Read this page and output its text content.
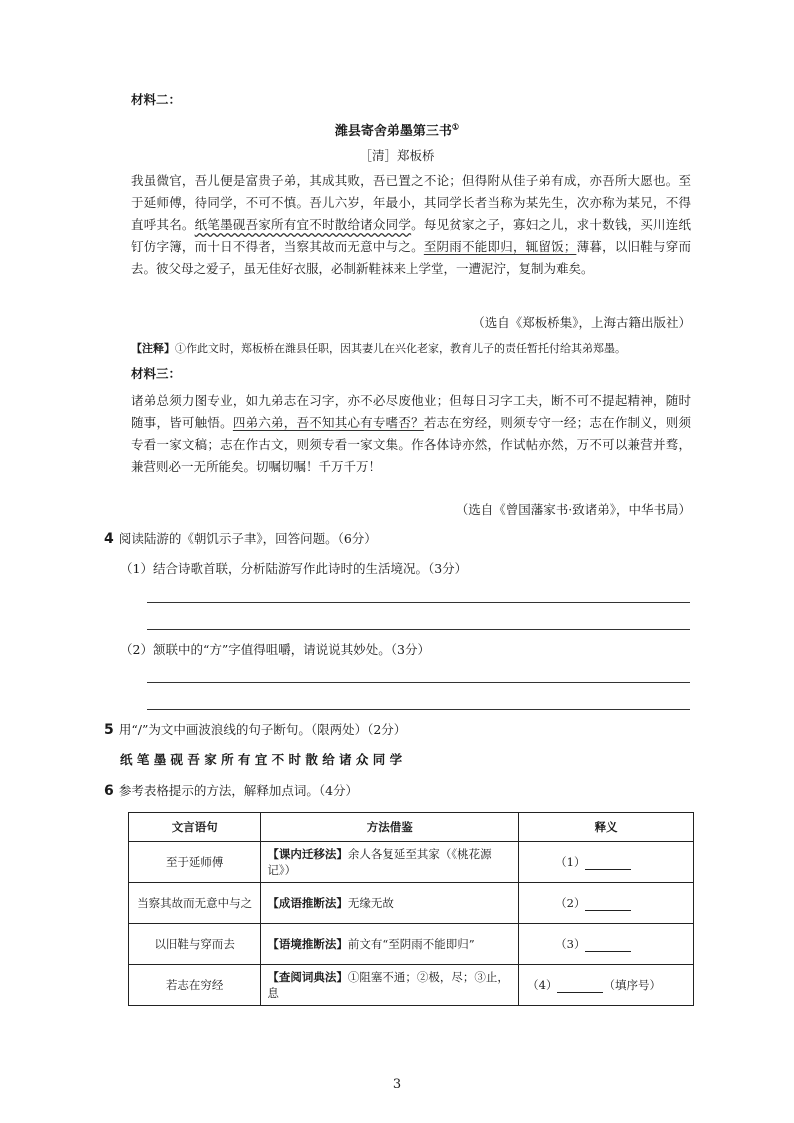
材料二：
潍县寄舍弟墨第三书①
［清］郑板桥

我虽微官，吾儿便是富贵子弟，其成其败，吾已置之不论；但得附从佳子弟有成，亦吾所大愿也。至于延师傅，待同学，不可不慎。吾儿六岁，年最小，其同学长者当称为某先生，次亦称为某兄，不得直呼其名。纸笔墨砚吾家所有宜不时散给诸众同学。每见贫家之子，寡妇之儿，求十数钱，买川连纸钉仿字簿，而十日不得者，当察其故而无意中与之。至阴雨不能即归，辄留饭；薄暮，以旧鞋与穿而去。彼父母之爱子，虽无佳好衣服，必制新鞋袜来上学堂，一遭泥泞，复制为难矣。

（选自《郑板桥集》，上海古籍出版社）
【注释】①作此文时，郑板桥在潍县任职，因其妻儿在兴化老家，教育儿子的责任暂托付给其弟郑墨。
材料三：

诸弟总须力图专业，如九弟志在习字，亦不必尽废他业；但每日习字工夫，断不可不提起精神，随时随事，皆可触悟。四弟六弟，吾不知其心有专嗜否？若志在穷经，则须专守一经；志在作制义，则须专看一家文稿；志在作古文，则须专看一家文集。作各体诗亦然，作试帖亦然，万不可以兼营并骛，兼营则必一无所能矣。切嘱切嘱！千万千万！

（选自《曾国藩家书·致诸弟》，中华书局）
4 阅读陆游的《朝饥示子聿》，回答问题。（6分）
（1）结合诗歌首联，分析陆游写作此诗时的生活境况。（3分）
（2）颔联中的“方”字值得咀嚼，请说说其妙处。（3分）
5 用“/”为文中画波浪线的句子断句。（限两处）（2分）
纸 笔 墨 砚 吾 家 所 有 宜 不 时 散 给 诸 众 同 学
6 参考表格提示的方法，解释加点词。（4分）
文言语句	方法借鉴	释义
至于延师傅	【课内迁移法】余人各复延至其家（《桃花源记》）	（1）
当察其故而无意中与之	【成语推断法】无缘无故	（2）
以旧鞋与穿而去	【语境推断法】前文有“至阴雨不能即归”	（3）
若志在穷经	【查阅词典法】①阻塞不通；②极，尽；③止，息	（4） （填序号）
3
